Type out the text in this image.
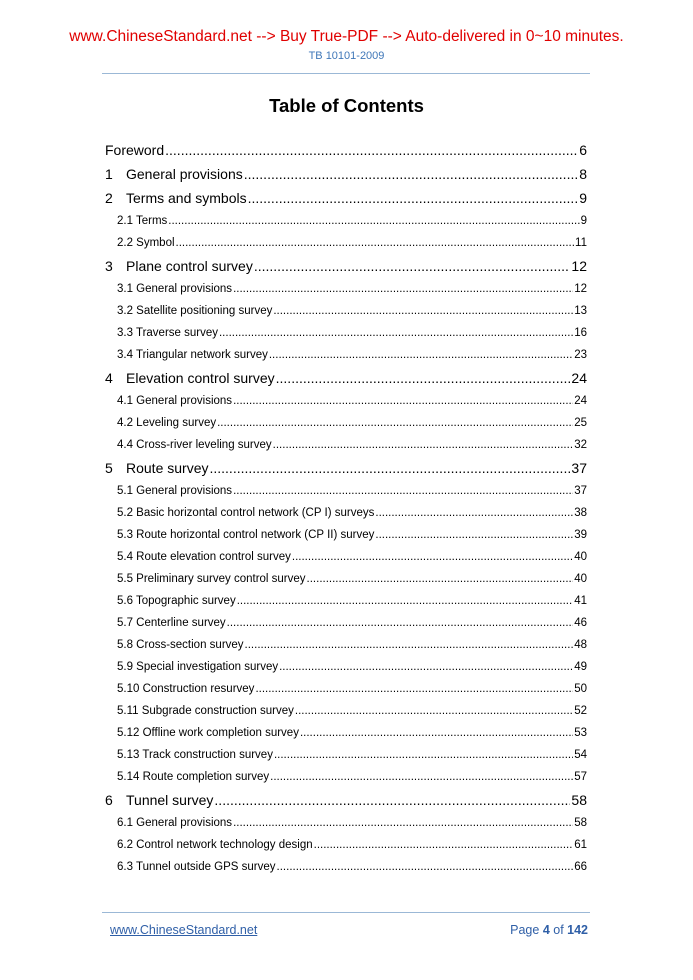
www.ChineseStandard.net --> Buy True-PDF --> Auto-delivered in 0~10 minutes.
TB 10101-2009
Table of Contents
Foreword .....	6
1 General provisions .....	8
2 Terms and symbols .....	9
2.1 Terms .....	9
2.2 Symbol .....	11
3 Plane control survey .....	12
3.1 General provisions .....	12
3.2 Satellite positioning survey .....	13
3.3 Traverse survey .....	16
3.4 Triangular network survey .....	23
4 Elevation control survey .....	24
4.1 General provisions .....	24
4.2 Leveling survey .....	25
4.4 Cross-river leveling survey .....	32
5 Route survey .....	37
5.1 General provisions .....	37
5.2 Basic horizontal control network (CP I) surveys .....	38
5.3 Route horizontal control network (CP II) survey .....	39
5.4 Route elevation control survey .....	40
5.5 Preliminary survey control survey .....	40
5.6 Topographic survey .....	41
5.7 Centerline survey .....	46
5.8 Cross-section survey .....	48
5.9 Special investigation survey .....	49
5.10 Construction resurvey .....	50
5.11 Subgrade construction survey .....	52
5.12 Offline work completion survey .....	53
5.13 Track construction survey .....	54
5.14 Route completion survey .....	57
6 Tunnel survey .....	58
6.1 General provisions .....	58
6.2 Control network technology design .....	61
6.3 Tunnel outside GPS survey .....	66
www.ChineseStandard.net	Page 4 of 142
